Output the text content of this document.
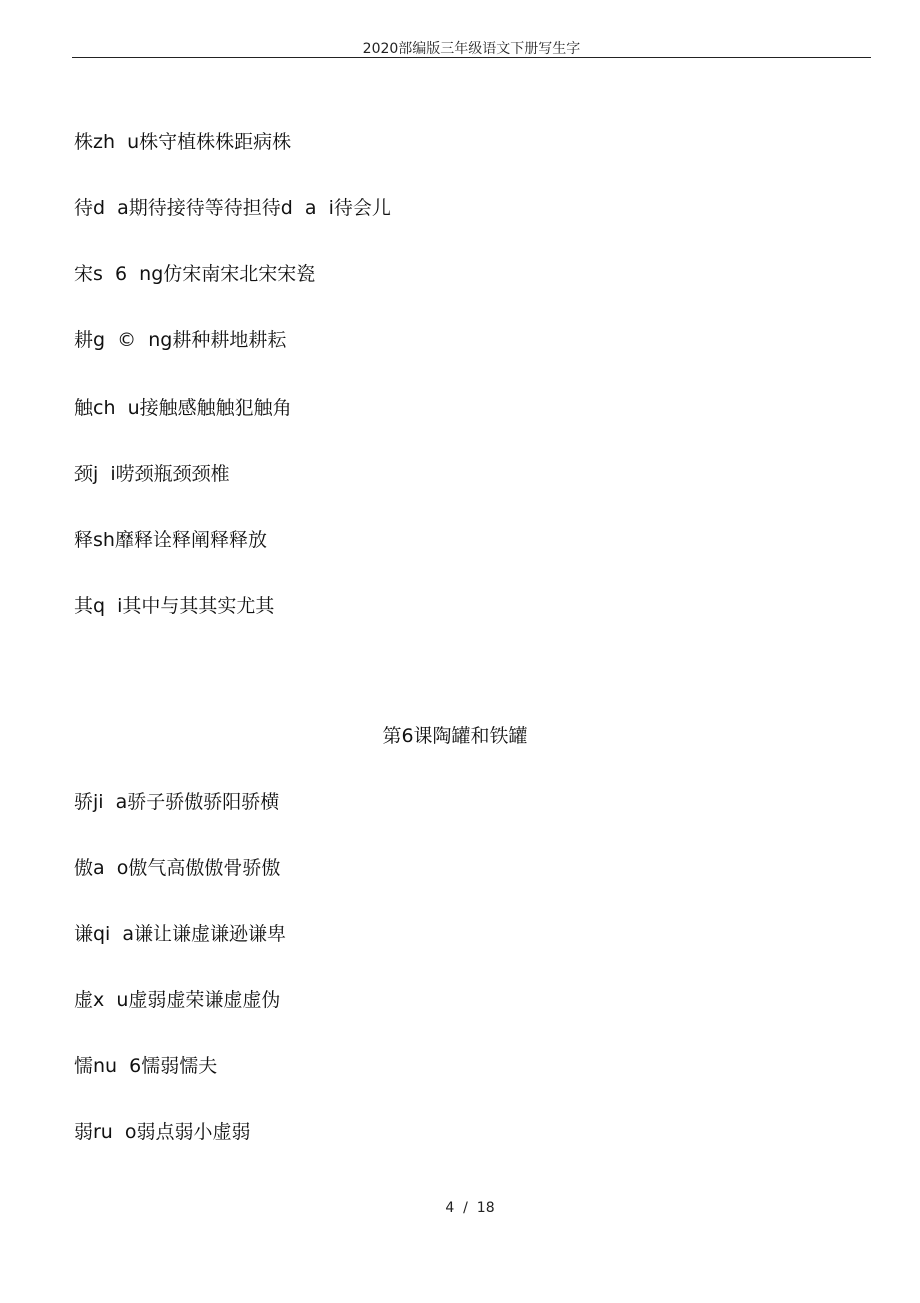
2020部编版三年级语文下册写生字
株zh  u株守植株株距病株
待d  a期待接待等待担待d  a  i待会儿
宋s  6  ng仿宋南宋北宋宋瓷
耕g  ©  ng耕种耕地耕耘
触ch  u接触感触触犯触角
颈j  i唠颈瓶颈颈椎
释sh靡释诠释阐释释放
其q  i其中与其其实尤其
第6课陶罐和铁罐
骄ji  a骄子骄傲骄阳骄横
傲a  o傲气高傲傲骨骄傲
谦qi  a谦让谦虚谦逊谦卑
虚x  u虚弱虚荣谦虚虚伪
懦nu  6懦弱懦夫
弱ru  o弱点弱小虚弱
4  /  18
